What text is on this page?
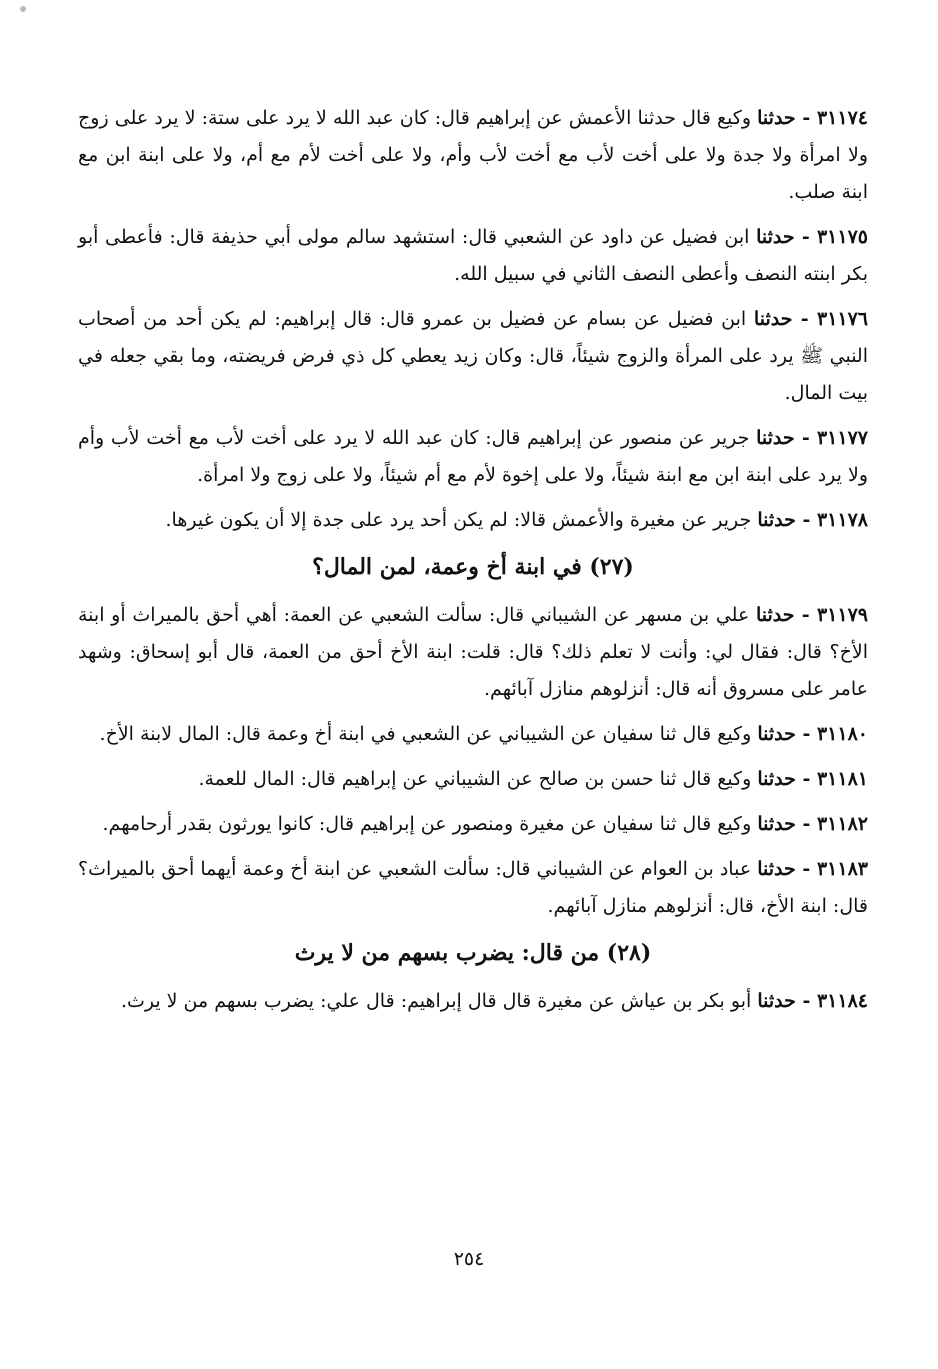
٣١١٧٤ - حدثنا وكيع قال حدثنا الأعمش عن إبراهيم قال: كان عبد الله لا يرد على ستة: لا يرد على زوج ولا امرأة ولا جدة ولا على أخت لأب مع أخت لأب وأم، ولا على أخت لأم مع أم، ولا على ابنة ابن مع ابنة صلب.

٣١١٧٥ - حدثنا ابن فضيل عن داود عن الشعبي قال: استشهد سالم مولى أبي حذيفة قال: فأعطى أبو بكر ابنته النصف وأعطى النصف الثاني في سبيل الله.

٣١١٧٦ - حدثنا ابن فضيل عن بسام عن فضيل بن عمرو قال: قال إبراهيم: لم يكن أحد من أصحاب النبي ﷺ يرد على المرأة والزوج شيئاً، قال: وكان زيد يعطي كل ذي فرض فريضته، وما بقي جعله في بيت المال.

٣١١٧٧ - حدثنا جرير عن منصور عن إبراهيم قال: كان عبد الله لا يرد على أخت لأب مع أخت لأب وأم ولا يرد على ابنة ابن مع ابنة شيئاً، ولا على إخوة لأم مع أم شيئاً، ولا على زوج ولا امرأة.

٣١١٧٨ - حدثنا جرير عن مغيرة والأعمش قالا: لم يكن أحد يرد على جدة إلا أن يكون غيرها.

(٢٧) في ابنة أخ وعمة، لمن المال؟

٣١١٧٩ - حدثنا علي بن مسهر عن الشيباني قال: سألت الشعبي عن العمة: أهي أحق بالميراث أو ابنة الأخ؟ قال: فقال لي: وأنت لا تعلم ذلك؟ قال: قلت: ابنة الأخ أحق من العمة، قال أبو إسحاق: وشهد عامر على مسروق أنه قال: أنزلوهم منازل آبائهم.

٣١١٨٠ - حدثنا وكيع قال ثنا سفيان عن الشيباني عن الشعبي في ابنة أخ وعمة قال: المال لابنة الأخ.

٣١١٨١ - حدثنا وكيع قال ثنا حسن بن صالح عن الشيباني عن إبراهيم قال: المال للعمة.

٣١١٨٢ - حدثنا وكيع قال ثنا سفيان عن مغيرة ومنصور عن إبراهيم قال: كانوا يورثون بقدر أرحامهم.

٣١١٨٣ - حدثنا عباد بن العوام عن الشيباني قال: سألت الشعبي عن ابنة أخ وعمة أيهما أحق بالميراث؟ قال: ابنة الأخ، قال: أنزلوهم منازل آبائهم.

(٢٨) من قال: يضرب بسهم من لا يرث

٣١١٨٤ - حدثنا أبو بكر بن عياش عن مغيرة قال قال إبراهيم: قال علي: يضرب بسهم من لا يرث.

٢٥٤
